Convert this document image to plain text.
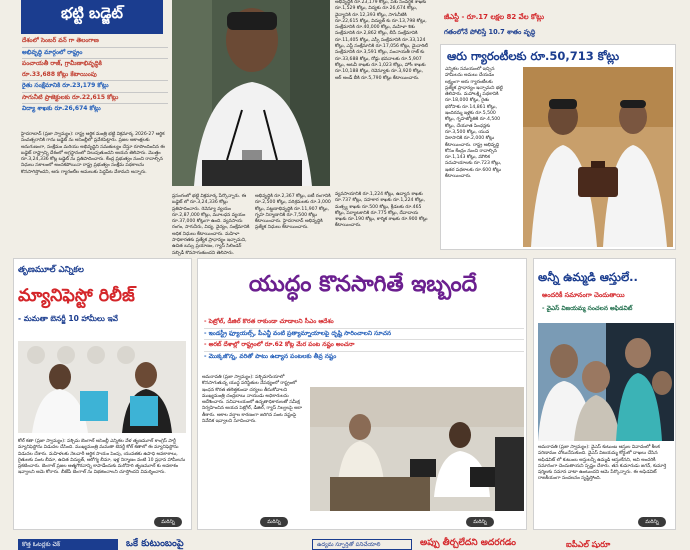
భట్టి బడ్జెట్
దేశంలో సెంబర్ వన్ గా తెలంగాణ
అభివృద్ధి మార్గంలో రాష్ట్రం
పంచాయతీ రాజ్, గ్రామీణాభివృద్ధికి
రూ.33,688 కోట్లు కేటాయింపు
రైతు సంక్షేమానికి రూ.23,179 కోట్లు
సాగునీటి ప్రాజెక్టులకు రూ.22,615 కోట్లు
విద్యా శాఖకు రూ.26,674 కోట్లు
హైదరాబాద్ (ప్రజా స్వామ్యం): రాష్ట్ర ఆర్థిక మంత్రి భట్టి విక్రమార్క 2026-27 ఆర్థిక సంవత్సరానికి గాను బడ్జెట్ ను అసెంబ్లీలో ప్రవేశపెట్టారు. ప్రజల ఆకాంక్షలకు అనుగుణంగా, సంక్షేమం మరియు అభివృద్ధిని సమతుల్యం చేస్తూ రూపొందించిన ఈ బడ్జెట్ రాష్ట్రాన్ని దేశంలో అగ్రస్థానంలో నిలుపుతుందని ఆయన తెలిపారు. మొత్తం రూ.3,24,336 కోట్ల బడ్జెట్ ను ప్రతిపాదించారు. కేంద్ర ప్రభుత్వం నుంచి రావాల్సిన నిధులు సకాలంలో అందకపోయినా రాష్ట్ర ప్రభుత్వం సంక్షేమ పథకాలను కొనసాగిస్తోందని, ఆరు గ్యారంటీల అమలుకు పెద్దపీట వేశామని అన్నారు.
ప్రసంగంలో భట్టి విక్రమార్క పేర్కొన్నారు. ఈ బడ్జెట్ లో రూ.3,24,336 కోట్లు ప్రతిపాదించారు. రెవెన్యూ వ్యయం రూ.2,87,000 కోట్లు, మూలధన వ్యయం రూ.37,000 కోట్లుగా ఉంది. వ్యవసాయ రంగం, సాగునీరు, విద్య, వైద్యం, సంక్షేమానికి అధిక నిధులు కేటాయించారు. మహిళా సాధికారతకు ప్రత్యేక ప్రాధాన్యం ఇచ్చామని, ఉచిత బస్సు ప్రయాణం, గ్యాస్ సిలిండర్ సబ్సిడీ కొనసాగుతుందని తెలిపారు.
అభివృద్ధికి రూ.2,367 కోట్లు, ఐటీ రంగానికి రూ.2,500 కోట్లు, పరిశ్రమలకు రూ.3,000 కోట్లు, పట్టణాభివృద్ధికి రూ.11,907 కోట్లు, గృహ నిర్మాణానికి రూ.7,500 కోట్లు కేటాయించారు. హైదరాబాద్ అభివృద్ధికి ప్రత్యేక నిధులు కేటాయించారు.
అభివృద్ధికి రూ.23,179 కోట్లు, పశు సంవర్ధక శాఖకు రూ.1,529 కోట్లు, విద్యకు రూ.26,674 కోట్లు, వైద్యానికి రూ.12,393 కోట్లు, సాగునీటికి రూ.22,615 కోట్లు, విద్యుత్ కు రూ.13,798 కోట్లు, సంక్షేమానికి రూ.40,000 కోట్లు, మహిళా శిశు సంక్షేమానికి రూ.2,862 కోట్లు, బీసీ సంక్షేమానికి రూ.11,405 కోట్లు, ఎస్సీ సంక్షేమానికి రూ.33,124 కోట్లు, ఎస్టీ సంక్షేమానికి రూ.17,056 కోట్లు, మైనారిటీ సంక్షేమానికి రూ.3,591 కోట్లు, పంచాయతీ రాజ్ కు రూ.33,688 కోట్లు, రోడ్లు భవనాలకు రూ.5,907 కోట్లు, అటవీ శాఖకు రూ.1,023 కోట్లు, హోం శాఖకు రూ.10,188 కోట్లు, రెవెన్యూకు రూ.3,920 కోట్లు, ఆర్ అండ్ బీకి రూ.5,790 కోట్లు కేటాయించారు.
వ్యవసాయానికి రూ.1,224 కోట్లు, ఉద్యాన శాఖకు రూ.737 కోట్లు, సహకార శాఖకు రూ.1,224 కోట్లు, మత్స్య శాఖకు రూ.500 కోట్లు, క్రీడలకు రూ.465 కోట్లు, పర్యాటకానికి రూ.775 కోట్లు, దేవాదాయ శాఖకు రూ.190 కోట్లు, కార్మిక శాఖకు రూ.900 కోట్లు కేటాయించారు.
జీఎస్టీ - రూ.17 లక్షల 82 వేల కోట్లు
గతంలోనే పోలిస్తే 10.7 శాతం వృద్ధి
ఆరు గ్యారంటీలకు రూ.50,713 కోట్లు
ఎన్నికల సమయంలో ఇచ్చిన హామీలను అమలు చేయడం లక్ష్యంగా ఆరు గ్యారంటీలకు ప్రత్యేక ప్రాధాన్యం ఇచ్చామని భట్టి తెలిపారు. మహాలక్ష్మి పథకానికి రూ.18,000 కోట్లు, రైతు భరోసాకు రూ.14,861 కోట్లు, ఇందిరమ్మ ఇళ్లకు రూ.5,500 కోట్లు, గృహజ్యోతికి రూ.4,500 కోట్లు, చేయూత పింఛన్లకు రూ.3,500 కోట్లు, యువ వికాసానికి రూ.2,000 కోట్లు కేటాయించారు. రాష్ట్ర అభివృద్ధి కోసం కేంద్రం నుంచి రావాల్సిన రూ.1,143 కోట్లు, మౌలిక సదుపాయాలకు రూ.723 కోట్లు, ఇతర పథకాలకు రూ.600 కోట్లు కేటాయించారు.
తృణమూల్ ఎన్నికల
మ్యానిఫెస్టో రిలీజ్
- మమతా బెనర్జీ 10 హామీలు ఇవే
కోల్ కతా (ప్రజా స్వామ్యం): పశ్చిమ బెంగాల్ అసెంబ్లీ ఎన్నికల వేళ తృణమూల్ కాంగ్రెస్ పార్టీ మ్యానిఫెస్టోను విడుదల చేసింది. ముఖ్యమంత్రి మమతా బెనర్జీ కోల్ కతాలో ఈ మ్యానిఫెస్టోను విడుదల చేశారు. మహిళలకు నెలవారీ ఆర్థిక సాయం పెంపు, యువతకు ఉపాధి అవకాశాలు, రైతులకు పంట బీమా, ఉచిత విద్యుత్, ఆరోగ్య బీమా, ఇళ్ల నిర్మాణం వంటి 10 ప్రధాన హామీలను ప్రకటించారు. బెంగాల్ ప్రజల ఆత్మగౌరవాన్ని కాపాడేందుకు మరోసారి తృణమూల్ కు అవకాశం ఇవ్వాలని ఆమె కోరారు. బీజేపీ బెంగాల్ ను విభజించాలని చూస్తోందని విమర్శించారు.
మరిన్ని
యుద్ధం కొనసాగితే ఇబ్బందే
- పెట్రోల్, డీజిల్ కొరత రాకుండా చూడాలని సీఎం ఆదేశం
- ఇండస్ట్రీ ఫ్యూయల్స్, పీఎన్జీ వంటి ప్రత్యామ్నాయాలపై దృష్టి సారించాలని సూచన
- అరబ్ దేశాల్లో రాష్ట్రంలో రూ.62 కోట్ల మేర పంట నష్టం అంచనా
- మొక్కజొన్న, వరితో పాటు ఉద్యాన పంటలకు తీవ్ర నష్టం
అమరావతి (ప్రజా స్వామ్యం): పశ్చిమాసియాలో కొనసాగుతున్న యుద్ధ పరిస్థితుల నేపథ్యంలో రాష్ట్రంలో ఇంధన కొరత తలెత్తకుండా చర్యలు తీసుకోవాలని ముఖ్యమంత్రి చంద్రబాబు నాయుడు అధికారులను ఆదేశించారు. సచివాలయంలో ఉన్నతాధికారులతో సమీక్ష నిర్వహించిన ఆయన పెట్రోల్, డీజిల్, గ్యాస్ నిల్వలపై ఆరా తీశారు. అకాల వర్షాల కారణంగా జరిగిన పంట నష్టంపై నివేదిక ఇవ్వాలని సూచించారు.
మరిన్ని	మరిన్ని
అన్నీ ఉమ్మడి ఆస్తులే..
అందరికీ సమానంగా చెందుతాయి
- వైఎస్ విజయమ్మ సంచలన అఫిడవిట్
అమరావతి (ప్రజా స్వామ్యం): వైఎస్ కుటుంబ ఆస్తుల వివాదంలో కీలక పరిణామం చోటుచేసుకుంది. వైఎస్ విజయమ్మ కోర్టులో దాఖలు చేసిన అఫిడవిట్ లో కుటుంబ ఆస్తులన్నీ ఉమ్మడి ఆస్తులేనని, అవి అందరికీ సమానంగా చెందుతాయని స్పష్టం చేశారు. తన కుమారుడు జగన్, కుమార్తె షర్మిలకు సమాన వాటా ఉంటుందని ఆమె పేర్కొన్నారు. ఈ అఫిడవిట్ రాజకీయంగా సంచలనం సృష్టిస్తోంది.
మరిన్ని
కొత్త ఓటర్లకు చెక్	ఒకే కుటుంబంపై	ఉద్యమ స్ఫూర్తితో పనిచేయాలి	అప్పు తీర్చలేదని అదరగడం	ఐపీఎల్ షురూ
